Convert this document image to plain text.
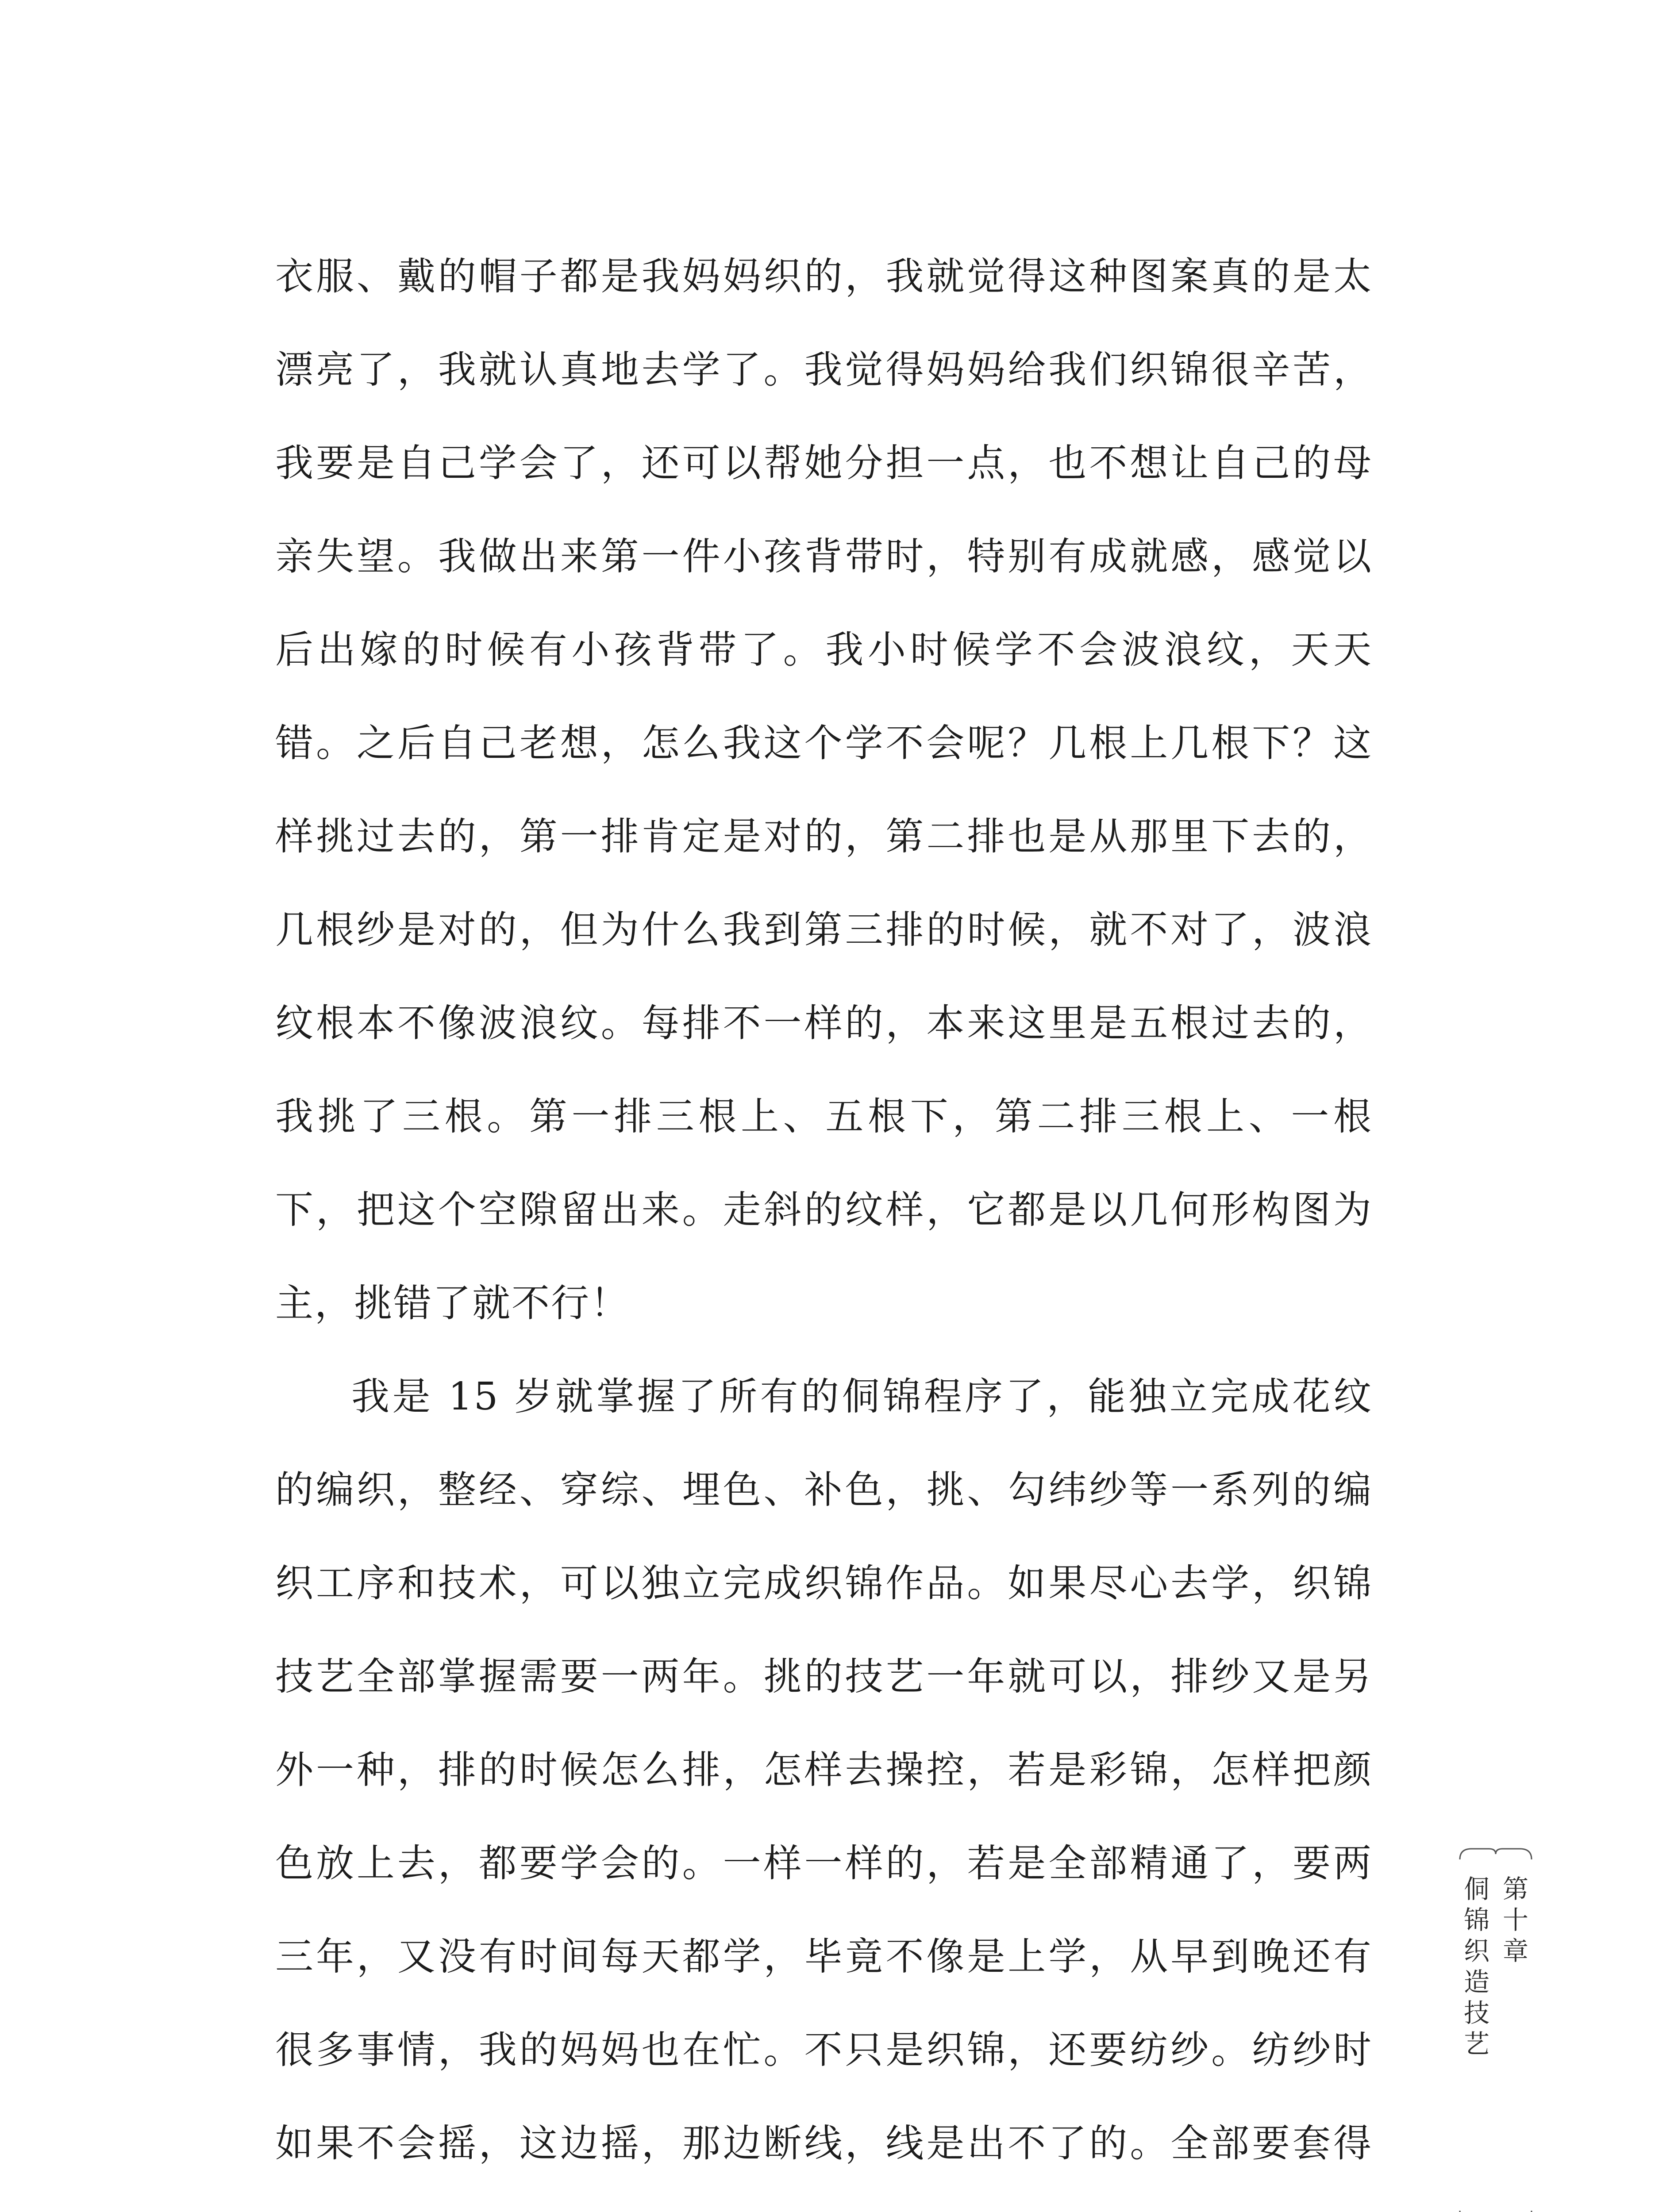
衣服、戴的帽子都是我妈妈织的，我就觉得这种图案真的是太漂亮了，我就认真地去学了。我觉得妈妈给我们织锦很辛苦，我要是自己学会了，还可以帮她分担一点，也不想让自己的母亲失望。我做出来第一件小孩背带时，特别有成就感，感觉以后出嫁的时候有小孩背带了。我小时候学不会波浪纹，天天错。之后自己老想，怎么我这个学不会呢？几根上几根下？这样挑过去的，第一排肯定是对的，第二排也是从那里下去的，几根纱是对的，但为什么我到第三排的时候，就不对了，波浪纹根本不像波浪纹。每排不一样的，本来这里是五根过去的，我挑了三根。第一排三根上、五根下，第二排三根上、一根下，把这个空隙留出来。走斜的纹样，它都是以几何形构图为主，挑错了就不行！

我是 15 岁就掌握了所有的侗锦程序了，能独立完成花纹的编织，整经、穿综、埋色、补色，挑、勾纬纱等一系列的编织工序和技术，可以独立完成织锦作品。如果尽心去学，织锦技艺全部掌握需要一两年。挑的技艺一年就可以，排纱又是另外一种，排的时候怎么排，怎样去操控，若是彩锦，怎样把颜色放上去，都要学会的。一样一样的，若是全部精通了，要两三年，又没有时间每天都学，毕竟不像是上学，从早到晚还有很多事情，我的妈妈也在忙。不只是织锦，还要纺纱。纺纱时如果不会摇，这边摇，那边断线，线是出不了的。全部要套得

第十章
侗锦织造技艺
